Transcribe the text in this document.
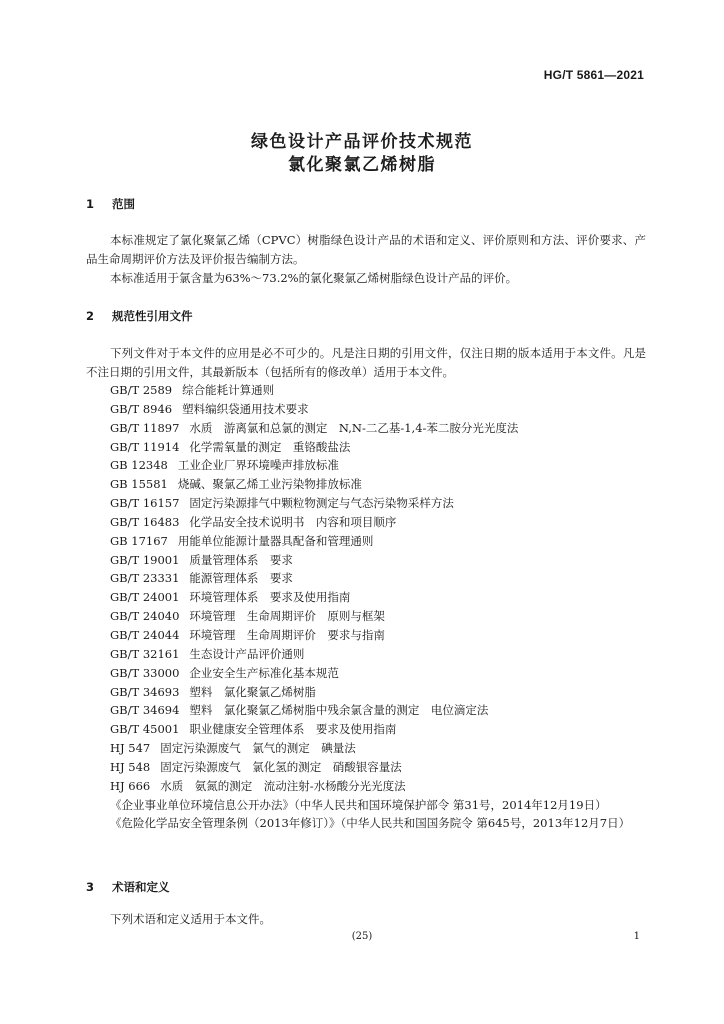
HG/T 5861—2021
绿色设计产品评价技术规范
氯化聚氯乙烯树脂
1 范围

本标准规定了氯化聚氯乙烯（CPVC）树脂绿色设计产品的术语和定义、评价原则和方法、评价要求、产品生命周期评价方法及评价报告编制方法。

本标准适用于氯含量为63%～73.2%的氯化聚氯乙烯树脂绿色设计产品的评价。

2 规范性引用文件

下列文件对于本文件的应用是必不可少的。凡是注日期的引用文件，仅注日期的版本适用于本文件。凡是不注日期的引用文件，其最新版本（包括所有的修改单）适用于本文件。

GB/T 2589 综合能耗计算通则
GB/T 8946 塑料编织袋通用技术要求
GB/T 11897 水质　游离氯和总氯的测定　N,N-二乙基-1,4-苯二胺分光光度法
GB/T 11914 化学需氧量的测定　重铬酸盐法
GB 12348 工业企业厂界环境噪声排放标准
GB 15581 烧碱、聚氯乙烯工业污染物排放标准
GB/T 16157 固定污染源排气中颗粒物测定与气态污染物采样方法
GB/T 16483 化学品安全技术说明书　内容和项目顺序
GB 17167 用能单位能源计量器具配备和管理通则
GB/T 19001 质量管理体系　要求
GB/T 23331 能源管理体系　要求
GB/T 24001 环境管理体系　要求及使用指南
GB/T 24040 环境管理　生命周期评价　原则与框架
GB/T 24044 环境管理　生命周期评价　要求与指南
GB/T 32161 生态设计产品评价通则
GB/T 33000 企业安全生产标准化基本规范
GB/T 34693 塑料　氯化聚氯乙烯树脂
GB/T 34694 塑料　氯化聚氯乙烯树脂中残余氯含量的测定　电位滴定法
GB/T 45001 职业健康安全管理体系　要求及使用指南
HJ 547 固定污染源废气　氯气的测定　碘量法
HJ 548 固定污染源废气　氯化氢的测定　硝酸银容量法
HJ 666 水质　氨氮的测定　流动注射-水杨酸分光光度法
《企业事业单位环境信息公开办法》（中华人民共和国环境保护部令 第31号，2014年12月19日）
《危险化学品安全管理条例（2013年修订）》（中华人民共和国国务院令 第645号，2013年12月7日）
3 术语和定义

下列术语和定义适用于本文件。

(25)	1
